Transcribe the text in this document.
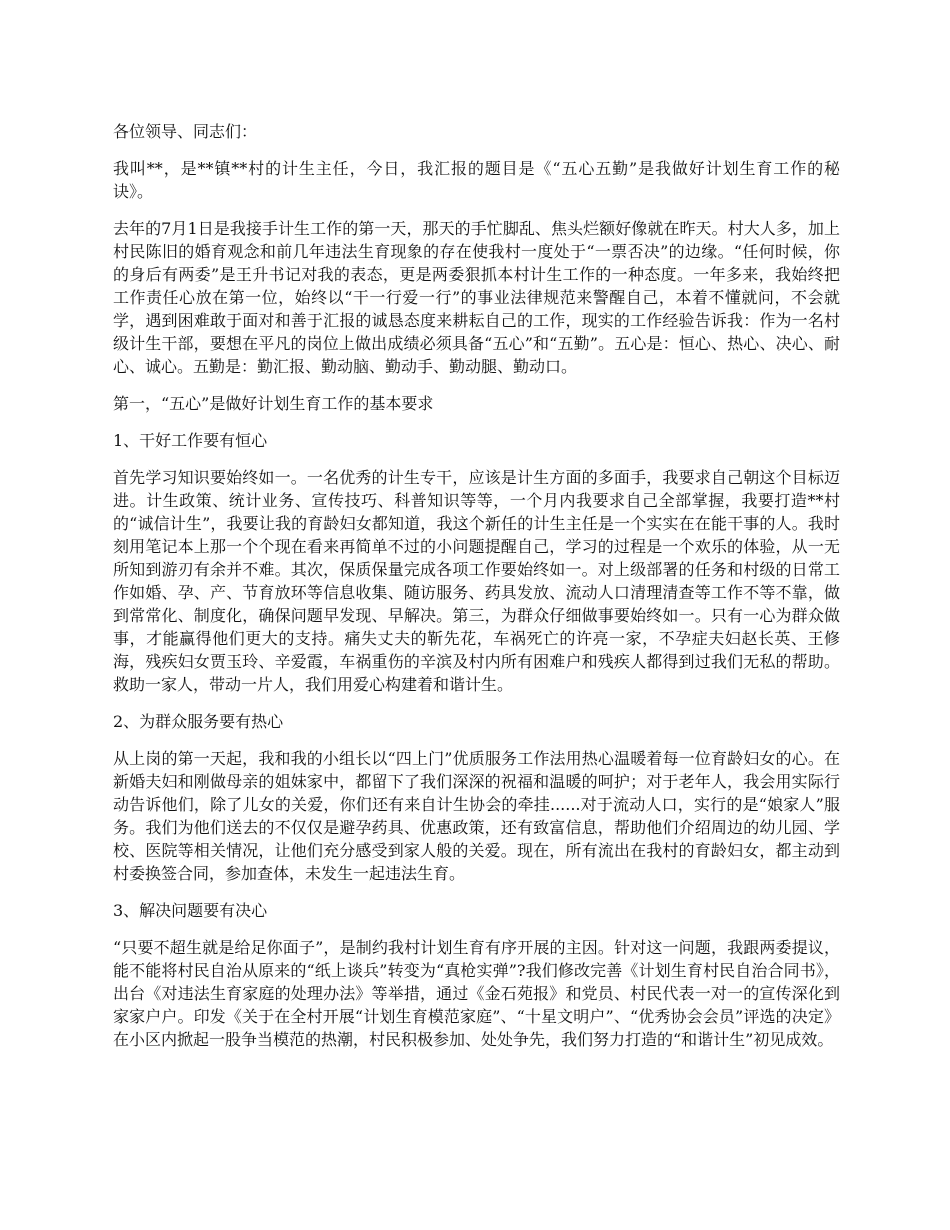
各位领导、同志们：

我叫**，是**镇**村的计生主任，今日，我汇报的题目是《“五心五勤”是我做好计划生育工作的秘诀》。

去年的7月1日是我接手计生工作的第一天，那天的手忙脚乱、焦头烂额好像就在昨天。村大人多，加上村民陈旧的婚育观念和前几年违法生育现象的存在使我村一度处于“一票否决”的边缘。“任何时候，你的身后有两委”是王升书记对我的表态，更是两委狠抓本村计生工作的一种态度。一年多来，我始终把工作责任心放在第一位，始终以“干一行爱一行”的事业法律规范来警醒自己，本着不懂就问，不会就学，遇到困难敢于面对和善于汇报的诚恳态度来耕耘自己的工作，现实的工作经验告诉我：作为一名村级计生干部，要想在平凡的岗位上做出成绩必须具备“五心”和“五勤”。五心是：恒心、热心、决心、耐心、诚心。五勤是：勤汇报、勤动脑、勤动手、勤动腿、勤动口。

第一，“五心”是做好计划生育工作的基本要求

1、干好工作要有恒心

首先学习知识要始终如一。一名优秀的计生专干，应该是计生方面的多面手，我要求自己朝这个目标迈进。计生政策、统计业务、宣传技巧、科普知识等等，一个月内我要求自己全部掌握，我要打造**村的“诚信计生”，我要让我的育龄妇女都知道，我这个新任的计生主任是一个实实在在能干事的人。我时刻用笔记本上那一个个现在看来再简单不过的小问题提醒自己，学习的过程是一个欢乐的体验，从一无所知到游刃有余并不难。其次，保质保量完成各项工作要始终如一。对上级部署的任务和村级的日常工作如婚、孕、产、节育放环等信息收集、随访服务、药具发放、流动人口清理清查等工作不等不靠，做到常常化、制度化，确保问题早发现、早解决。第三，为群众仔细做事要始终如一。只有一心为群众做事，才能赢得他们更大的支持。痛失丈夫的靳先花，车祸死亡的许亮一家，不孕症夫妇赵长英、王修海，残疾妇女贾玉玲、辛爱霞，车祸重伤的辛滨及村内所有困难户和残疾人都得到过我们无私的帮助。救助一家人，带动一片人，我们用爱心构建着和谐计生。

2、为群众服务要有热心

从上岗的第一天起，我和我的小组长以“四上门”优质服务工作法用热心温暖着每一位育龄妇女的心。在新婚夫妇和刚做母亲的姐妹家中，都留下了我们深深的祝福和温暖的呵护；对于老年人，我会用实际行动告诉他们，除了儿女的关爱，你们还有来自计生协会的牵挂......对于流动人口，实行的是“娘家人”服务。我们为他们送去的不仅仅是避孕药具、优惠政策，还有致富信息，帮助他们介绍周边的幼儿园、学校、医院等相关情况，让他们充分感受到家人般的关爱。现在，所有流出在我村的育龄妇女，都主动到村委换签合同，参加查体，未发生一起违法生育。

3、解决问题要有决心

“只要不超生就是给足你面子”，是制约我村计划生育有序开展的主因。针对这一问题，我跟两委提议，能不能将村民自治从原来的“纸上谈兵”转变为“真枪实弹”?我们修改完善《计划生育村民自治合同书》，出台《对违法生育家庭的处理办法》等举措，通过《金石苑报》和党员、村民代表一对一的宣传深化到家家户户。印发《关于在全村开展“计划生育模范家庭”、“十星文明户”、“优秀协会会员”评选的决定》在小区内掀起一股争当模范的热潮，村民积极参加、处处争先，我们努力打造的“和谐计生”初见成效。
